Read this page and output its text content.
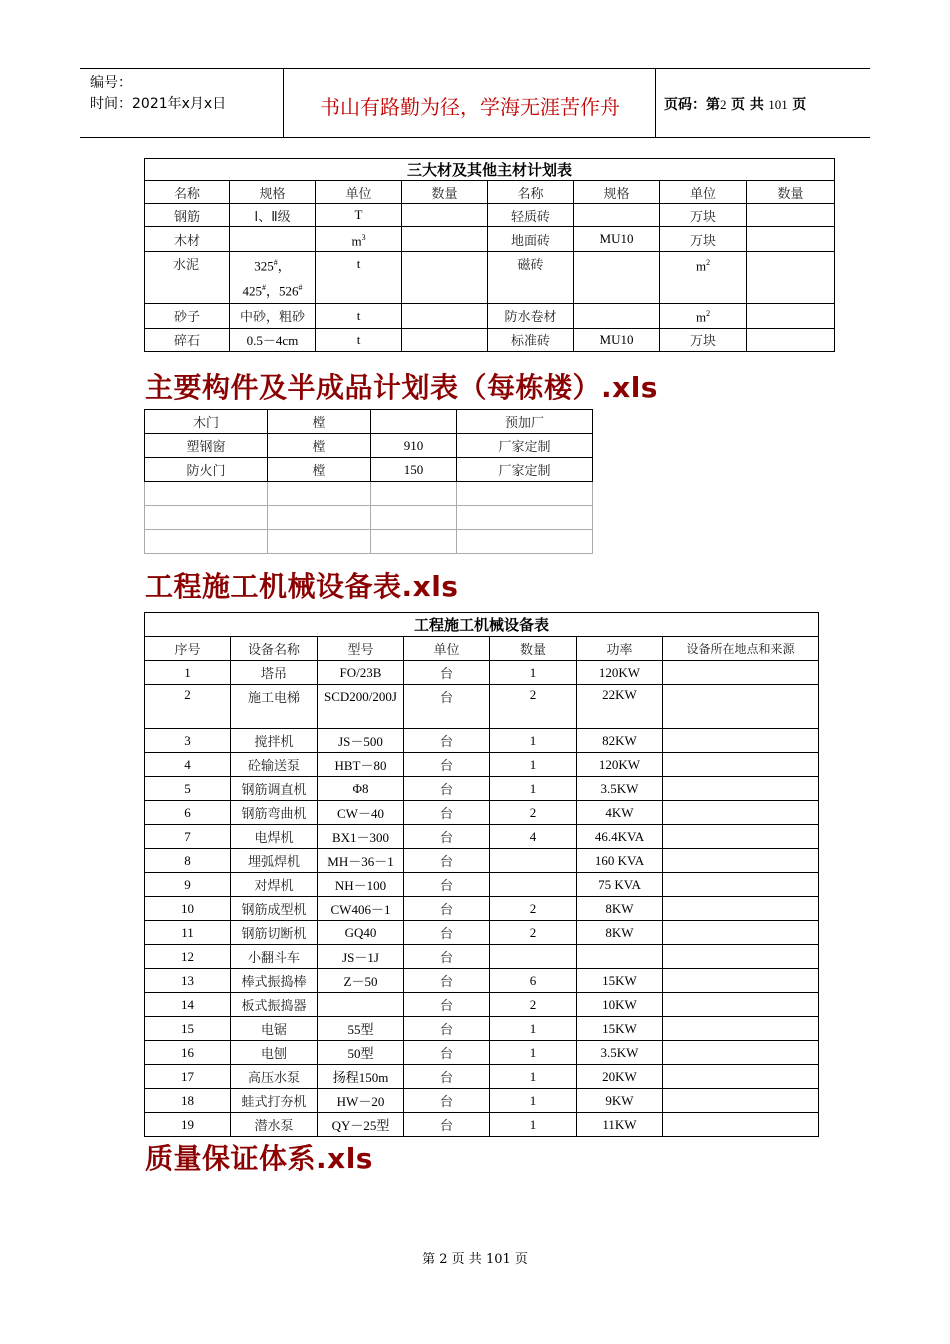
编号：
时间：2021年x月x日	书山有路勤为径，学海无涯苦作舟	页码：第2 页 共 101 页
三大材及其他主材计划表							
名称	规格	单位	数量	名称	规格	单位	数量
钢筋	Ⅰ、Ⅱ级	T		轻质砖		万块	
木材		$m^3$		地面砖	MU10	万块	
水泥	325#，
425#，526#	t		磁砖		$m^2$	
砂子	中砂，粗砂	t		防水卷材		$m^2$	
碎石	0.5－4cm	t		标准砖	MU10	万块	
主要构件及半成品计划表（每栋楼）.xls
木门	樘		预加厂
塑钢窗	樘	910	厂家定制
防火门	樘	150	厂家定制

工程施工机械设备表.xls
工程施工机械设备表						
序号	设备名称	型号	单位	数量	功率	设备所在地点和来源
1	塔吊	FO/23B	台	1	120KW	
2	施工电梯	SCD200/200J	台	2	22KW	
3	搅拌机	JS－500	台	1	82KW	
4	砼输送泵	HBT－80	台	1	120KW	
5	钢筋调直机	Φ8	台	1	3.5KW	
6	钢筋弯曲机	CW－40	台	2	4KW	
7	电焊机	BX1－300	台	4	46.4KVA	
8	埋弧焊机	MH－36－1	台		160 KVA	
9	对焊机	NH－100	台		75 KVA	
10	钢筋成型机	CW406－1	台	2	8KW	
11	钢筋切断机	GQ40	台	2	8KW	
12	小翻斗车	JS－1J	台			
13	棒式振捣棒	Z－50	台	6	15KW	
14	板式振捣器		台	2	10KW	
15	电锯	55型	台	1	15KW	
16	电刨	50型	台	1	3.5KW	
17	高压水泵	扬程150m	台	1	20KW	
18	蛙式打夯机	HW－20	台	1	9KW	
19	潜水泵	QY－25型	台	1	11KW	
质量保证体系.xls
第 2 页 共 101 页
